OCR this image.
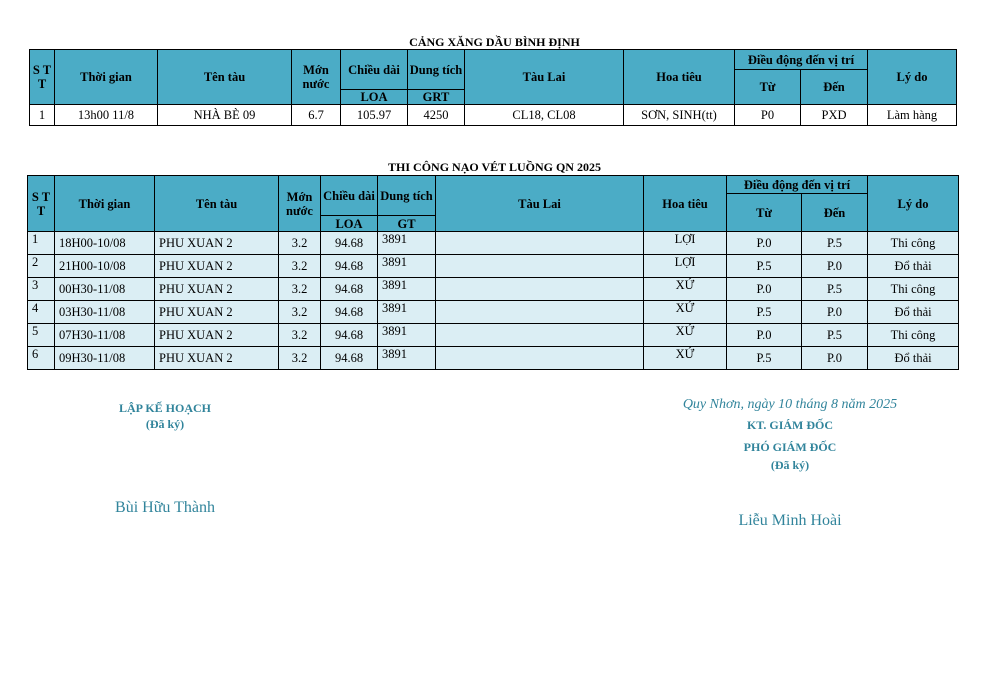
CẢNG XĂNG DẦU BÌNH ĐỊNH
S T T	Thời gian	Tên tàu	Mớn nước	Chiều dài	Dung tích	Tàu Lai	Hoa tiêu	Điều động đến vị trí		Lý do
								Từ	Đến	
				LOA	GRT					
1	13h00 11/8	NHÀ BÈ 09	6.7	105.97	4250	CL18, CL08	SƠN, SINH(tt)	P0	PXD	Làm hàng
THI CÔNG NẠO VÉT LUỒNG QN 2025
S T T	Thời gian	Tên tàu	Mớn nước	Chiều dài	Dung tích	Tàu Lai	Hoa tiêu	Điều động đến vị trí		Lý do
								Từ	Đến	
				LOA	GT					
1	18H00-10/08	PHU XUAN 2	3.2	94.68	3891		LỢI	P.0	P.5	Thi công
2	21H00-10/08	PHU XUAN 2	3.2	94.68	3891		LỢI	P.5	P.0	Đổ thải
3	00H30-11/08	PHU XUAN 2	3.2	94.68	3891		XỨ	P.0	P.5	Thi công
4	03H30-11/08	PHU XUAN 2	3.2	94.68	3891		XỨ	P.5	P.0	Đổ thải
5	07H30-11/08	PHU XUAN 2	3.2	94.68	3891		XỨ	P.0	P.5	Thi công
6	09H30-11/08	PHU XUAN 2	3.2	94.68	3891		XỨ	P.5	P.0	Đổ thải
LẬP KẾ HOẠCH
(Đã ký)
Bùi Hữu Thành
Quy Nhơn, ngày 10 tháng 8 năm 2025
KT. GIÁM ĐỐC
PHÓ GIÁM ĐỐC
(Đã ký)
Liễu Minh Hoài
